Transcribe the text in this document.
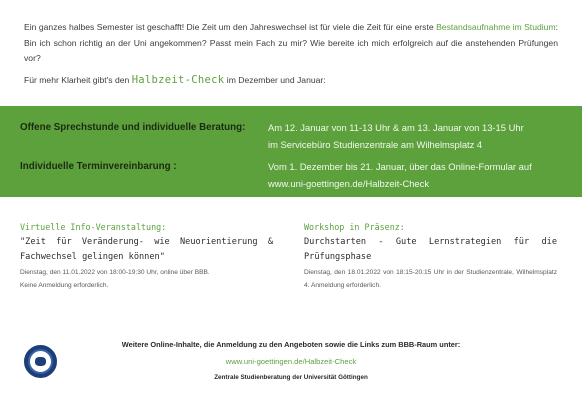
Ein ganzes halbes Semester ist geschafft! Die Zeit um den Jahreswechsel ist für viele die Zeit für eine erste Bestandsaufnahme im Studium: Bin ich schon richtig an der Uni angekommen? Passt mein Fach zu mir? Wie bereite ich mich erfolgreich auf die anstehenden Prüfungen vor?

Für mehr Klarheit gibt's den Halbzeit-Check im Dezember und Januar:

Offene Sprechstunde und individuelle Beratung:	Am 12. Januar von 11-13 Uhr & am 13. Januar von 13-15 Uhr
im Servicebüro Studienzentrale am Wilhelmsplatz 4
Individuelle Terminvereinbarung :	Vom 1. Dezember bis 21. Januar, über das Online-Formular auf
www.uni-goettingen.de/Halbzeit-Check
Virtuelle Info-Veranstaltung:
"Zeit für Veränderung- wie Neuorientierung & Fachwechsel gelingen können"
Dienstag, den 11.01.2022 von 18:00-19:30 Uhr, online über BBB.
Keine Anmeldung erforderlich.
Workshop in Präsenz:
Durchstarten - Gute Lernstrategien für die Prüfungsphase
Dienstag, den 18.01.2022 von 18:15-20:15 Uhr in der Studienzentrale, Wilhelmsplatz 4. Anmeldung erforderlich.
Weitere Online-Inhalte, die Anmeldung zu den Angeboten sowie die Links zum BBB-Raum unter:
www.uni-goettingen.de/Halbzeit-Check
Zentrale Studienberatung der Universität Göttingen
